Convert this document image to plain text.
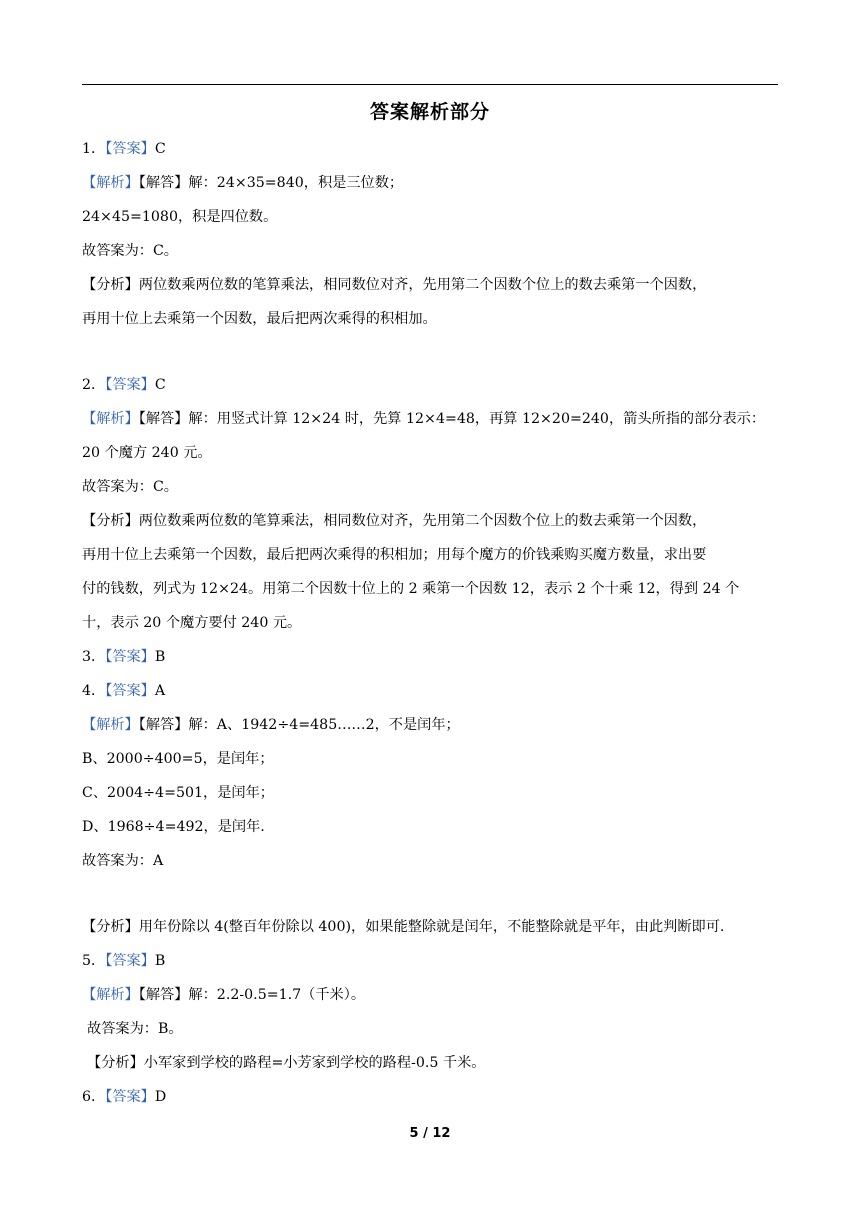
答案解析部分
1．【答案】C
【解析】【解答】解：24×35=840，积是三位数；
24×45=1080，积是四位数。
故答案为：C。
【分析】两位数乘两位数的笔算乘法，相同数位对齐，先用第二个因数个位上的数去乘第一个因数，
再用十位上去乘第一个因数，最后把两次乘得的积相加。
2．【答案】C
【解析】【解答】解：用竖式计算 12×24 时，先算 12×4=48，再算 12×20=240，箭头所指的部分表示：
20 个魔方 240 元。
故答案为：C。
【分析】两位数乘两位数的笔算乘法，相同数位对齐，先用第二个因数个位上的数去乘第一个因数，
再用十位上去乘第一个因数，最后把两次乘得的积相加；用每个魔方的价钱乘购买魔方数量，求出要
付的钱数，列式为 12×24。用第二个因数十位上的 2 乘第一个因数 12，表示 2 个十乘 12，得到 24 个
十，表示 20 个魔方要付 240 元。
3．【答案】B
4．【答案】A
【解析】【解答】解：A、1942÷4=485……2，不是闰年；
B、2000÷400=5，是闰年；
C、2004÷4=501，是闰年；
D、1968÷4=492，是闰年.
故答案为：A
【分析】用年份除以 4(整百年份除以 400)，如果能整除就是闰年，不能整除就是平年，由此判断即可.
5．【答案】B
【解析】【解答】解：2.2-0.5=1.7（千米）。
故答案为：B。
【分析】小军家到学校的路程=小芳家到学校的路程-0.5 千米。
6．【答案】D
5 / 12
